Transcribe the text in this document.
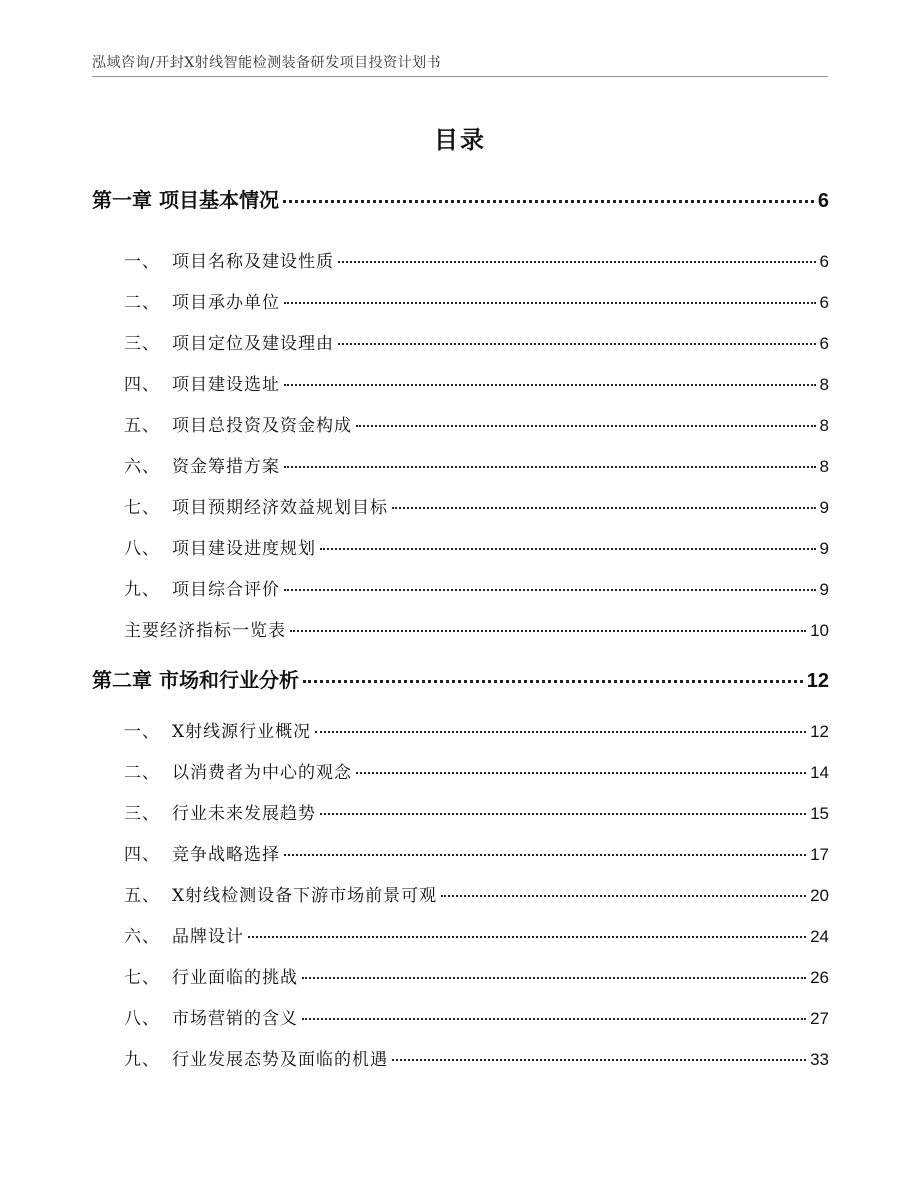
泓域咨询/开封X射线智能检测装备研发项目投资计划书
目录
第一章 项目基本情况	6
一、 项目名称及建设性质	6
二、 项目承办单位	6
三、 项目定位及建设理由	6
四、 项目建设选址	8
五、 项目总投资及资金构成	8
六、 资金筹措方案	8
七、 项目预期经济效益规划目标	9
八、 项目建设进度规划	9
九、 项目综合评价	9
主要经济指标一览表	10
第二章 市场和行业分析	12
一、 X射线源行业概况	12
二、 以消费者为中心的观念	14
三、 行业未来发展趋势	15
四、 竞争战略选择	17
五、 X射线检测设备下游市场前景可观	20
六、 品牌设计	24
七、 行业面临的挑战	26
八、 市场营销的含义	27
九、 行业发展态势及面临的机遇	33
